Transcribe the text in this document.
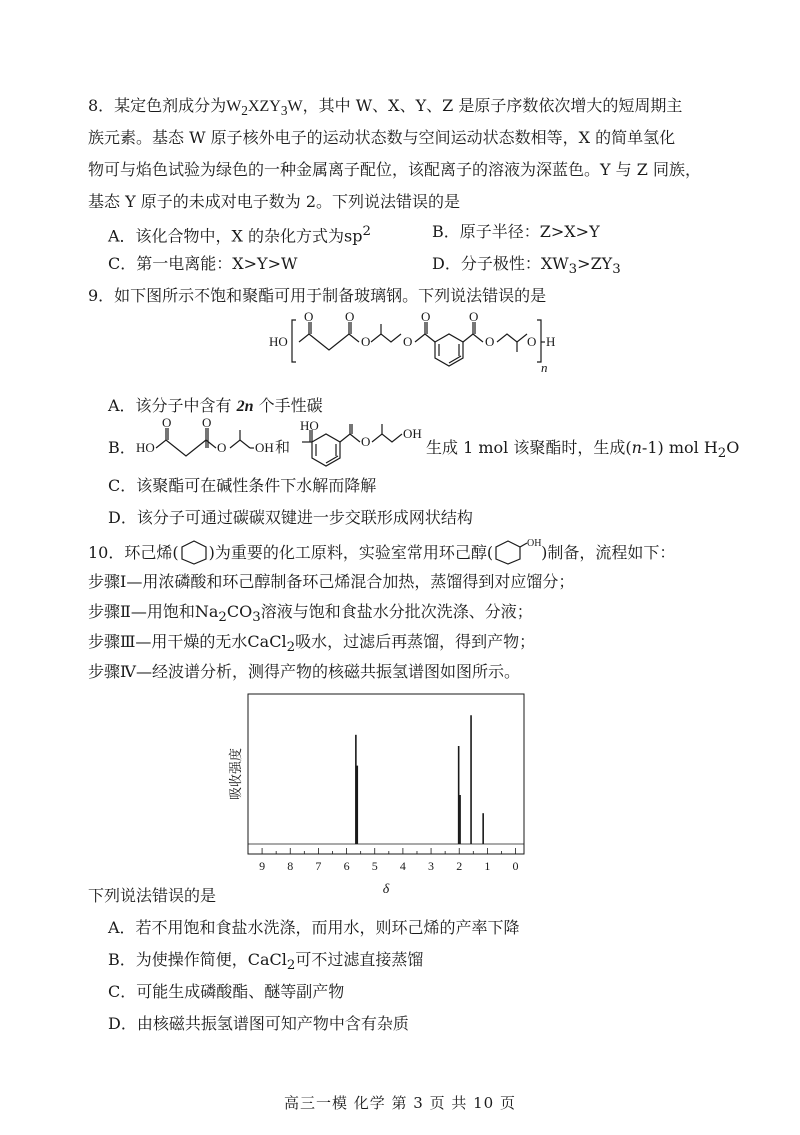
8．某定色剂成分为$W_2XZY_3W$，其中 W、X、Y、Z 是原子序数依次增大的短周期主
族元素。基态 W 原子核外电子的运动状态数与空间运动状态数相等，X 的简单氢化
物可与焰色试验为绿色的一种金属离子配位，该配离子的溶液为深蓝色。Y 与 Z 同族，
基态 Y 原子的未成对电子数为 2。下列说法错误的是
A．该化合物中，X 的杂化方式为$sp^2$	B．原子半径：Z>X>Y
C．第一电离能：X>Y>W	D．分子极性：$XW_3>ZY_3$
9．如下图所示不饱和聚酯可用于制备玻璃钢。下列说法错误的是
HO
O O
O	O
O	O
O	O H
n
A．该分子中含有 2n 个手性碳
B． HO
O O
O OH 和
HO
O
OH
生成 1 mol 该聚酯时，生成(n-1) mol $H_2O$
C．该聚酯可在碱性条件下水解而降解
D．该分子可通过碳碳双键进一步交联形成网状结构
10．环己烯( )为重要的化工原料，实验室常用环己醇(	OH )制备，流程如下：
步骤Ⅰ—用浓磷酸和环己醇制备环己烯混合加热，蒸馏得到对应馏分；
步骤Ⅱ—用饱和$Na_2CO_3$溶液与饱和食盐水分批次洗涤、分液；
步骤Ⅲ—用干燥的无水CaCl$_2$吸水，过滤后再蒸馏，得到产物；
步骤Ⅳ—经波谱分析，测得产物的核磁共振氢谱图如图所示。
吸收强度
9 8 7 6 5 4 3 2 1 0
δ
下列说法错误的是
A．若不用饱和食盐水洗涤，而用水，则环己烯的产率下降
B．为使操作简便，CaCl$_2$可不过滤直接蒸馏
C．可能生成磷酸酯、醚等副产物
D．由核磁共振氢谱图可知产物中含有杂质
高三一模 化学 第 3 页 共 10 页
